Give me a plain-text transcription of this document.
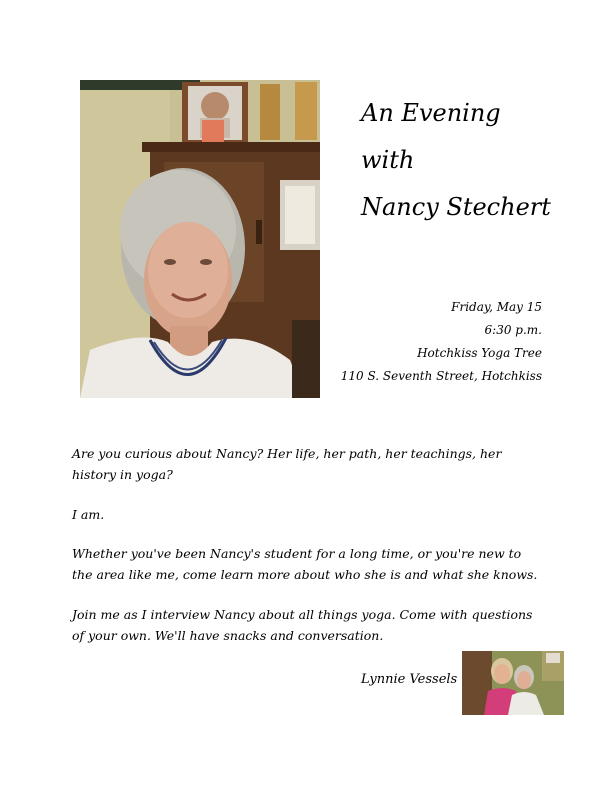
An Evening
with
Nancy Stechert
Friday, May 15
6:30 p.m.
Hotchkiss Yoga Tree
110 S. Seventh Street, Hotchkiss

Are you curious about Nancy? Her life, her path, her teachings, her history in yoga?

I am.

Whether you've been Nancy's student for a long time, or you're new to the area like me, come learn more about who she is and what she knows.

Join me as I interview Nancy about all things yoga. Come with questions of your own. We'll have snacks and conversation.

Lynnie Vessels
